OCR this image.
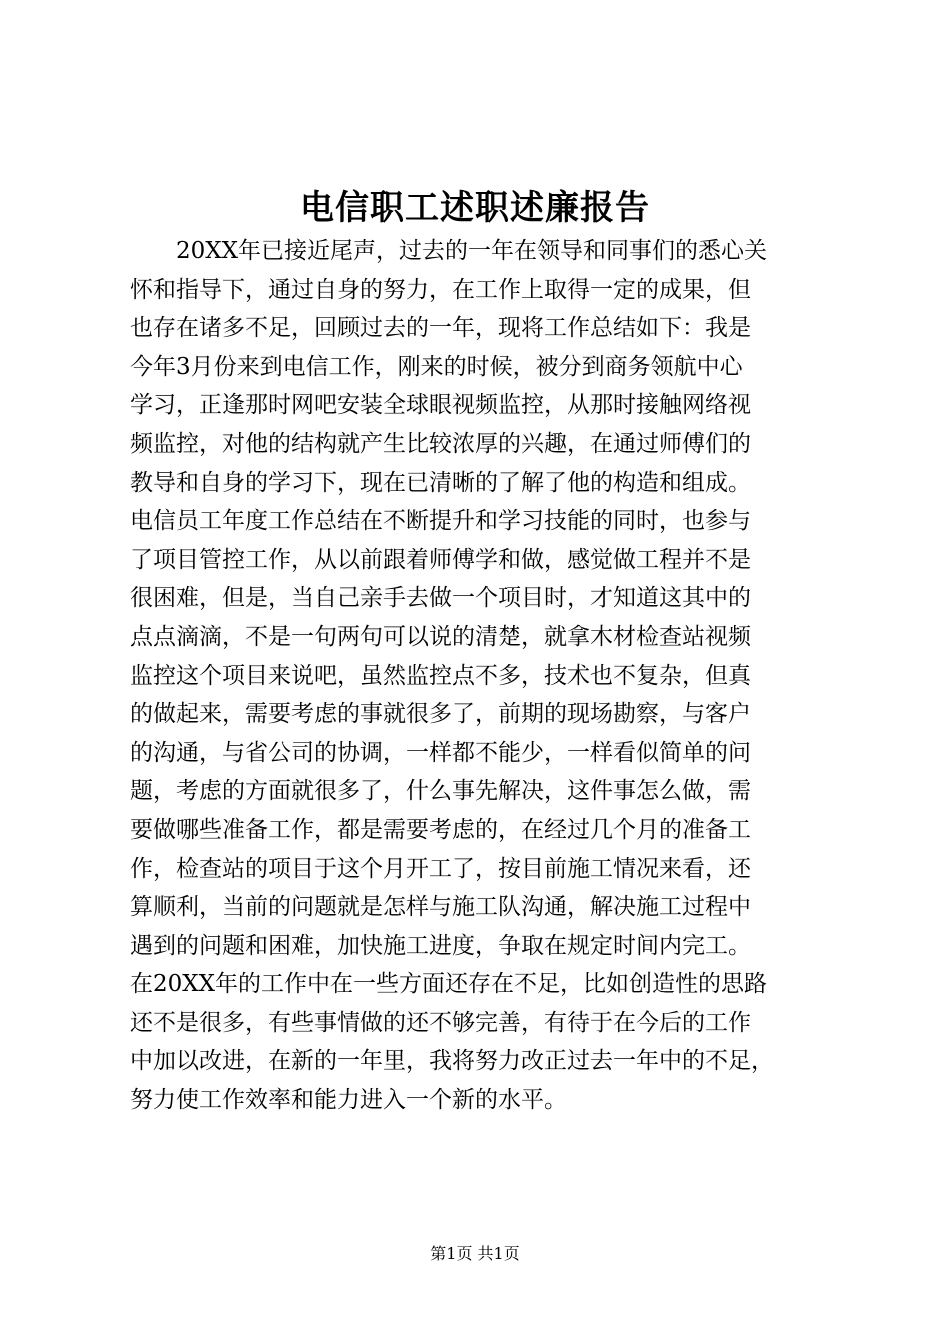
电信职工述职述廉报告
　　20XX年已接近尾声，过去的一年在领导和同事们的悉心关
怀和指导下，通过自身的努力，在工作上取得一定的成果，但
也存在诸多不足，回顾过去的一年，现将工作总结如下：我是
今年3月份来到电信工作，刚来的时候，被分到商务领航中心
学习，正逢那时网吧安装全球眼视频监控，从那时接触网络视
频监控，对他的结构就产生比较浓厚的兴趣，在通过师傅们的
教导和自身的学习下，现在已清晰的了解了他的构造和组成。
电信员工年度工作总结在不断提升和学习技能的同时，也参与
了项目管控工作，从以前跟着师傅学和做，感觉做工程并不是
很困难，但是，当自己亲手去做一个项目时，才知道这其中的
点点滴滴，不是一句两句可以说的清楚，就拿木材检查站视频
监控这个项目来说吧，虽然监控点不多，技术也不复杂，但真
的做起来，需要考虑的事就很多了，前期的现场勘察，与客户
的沟通，与省公司的协调，一样都不能少，一样看似简单的问
题，考虑的方面就很多了，什么事先解决，这件事怎么做，需
要做哪些准备工作，都是需要考虑的，在经过几个月的准备工
作，检查站的项目于这个月开工了，按目前施工情况来看，还
算顺利，当前的问题就是怎样与施工队沟通，解决施工过程中
遇到的问题和困难，加快施工进度，争取在规定时间内完工。
在20XX年的工作中在一些方面还存在不足，比如创造性的思路
还不是很多，有些事情做的还不够完善，有待于在今后的工作
中加以改进，在新的一年里，我将努力改正过去一年中的不足，
努力使工作效率和能力进入一个新的水平。
第1页 共1页
